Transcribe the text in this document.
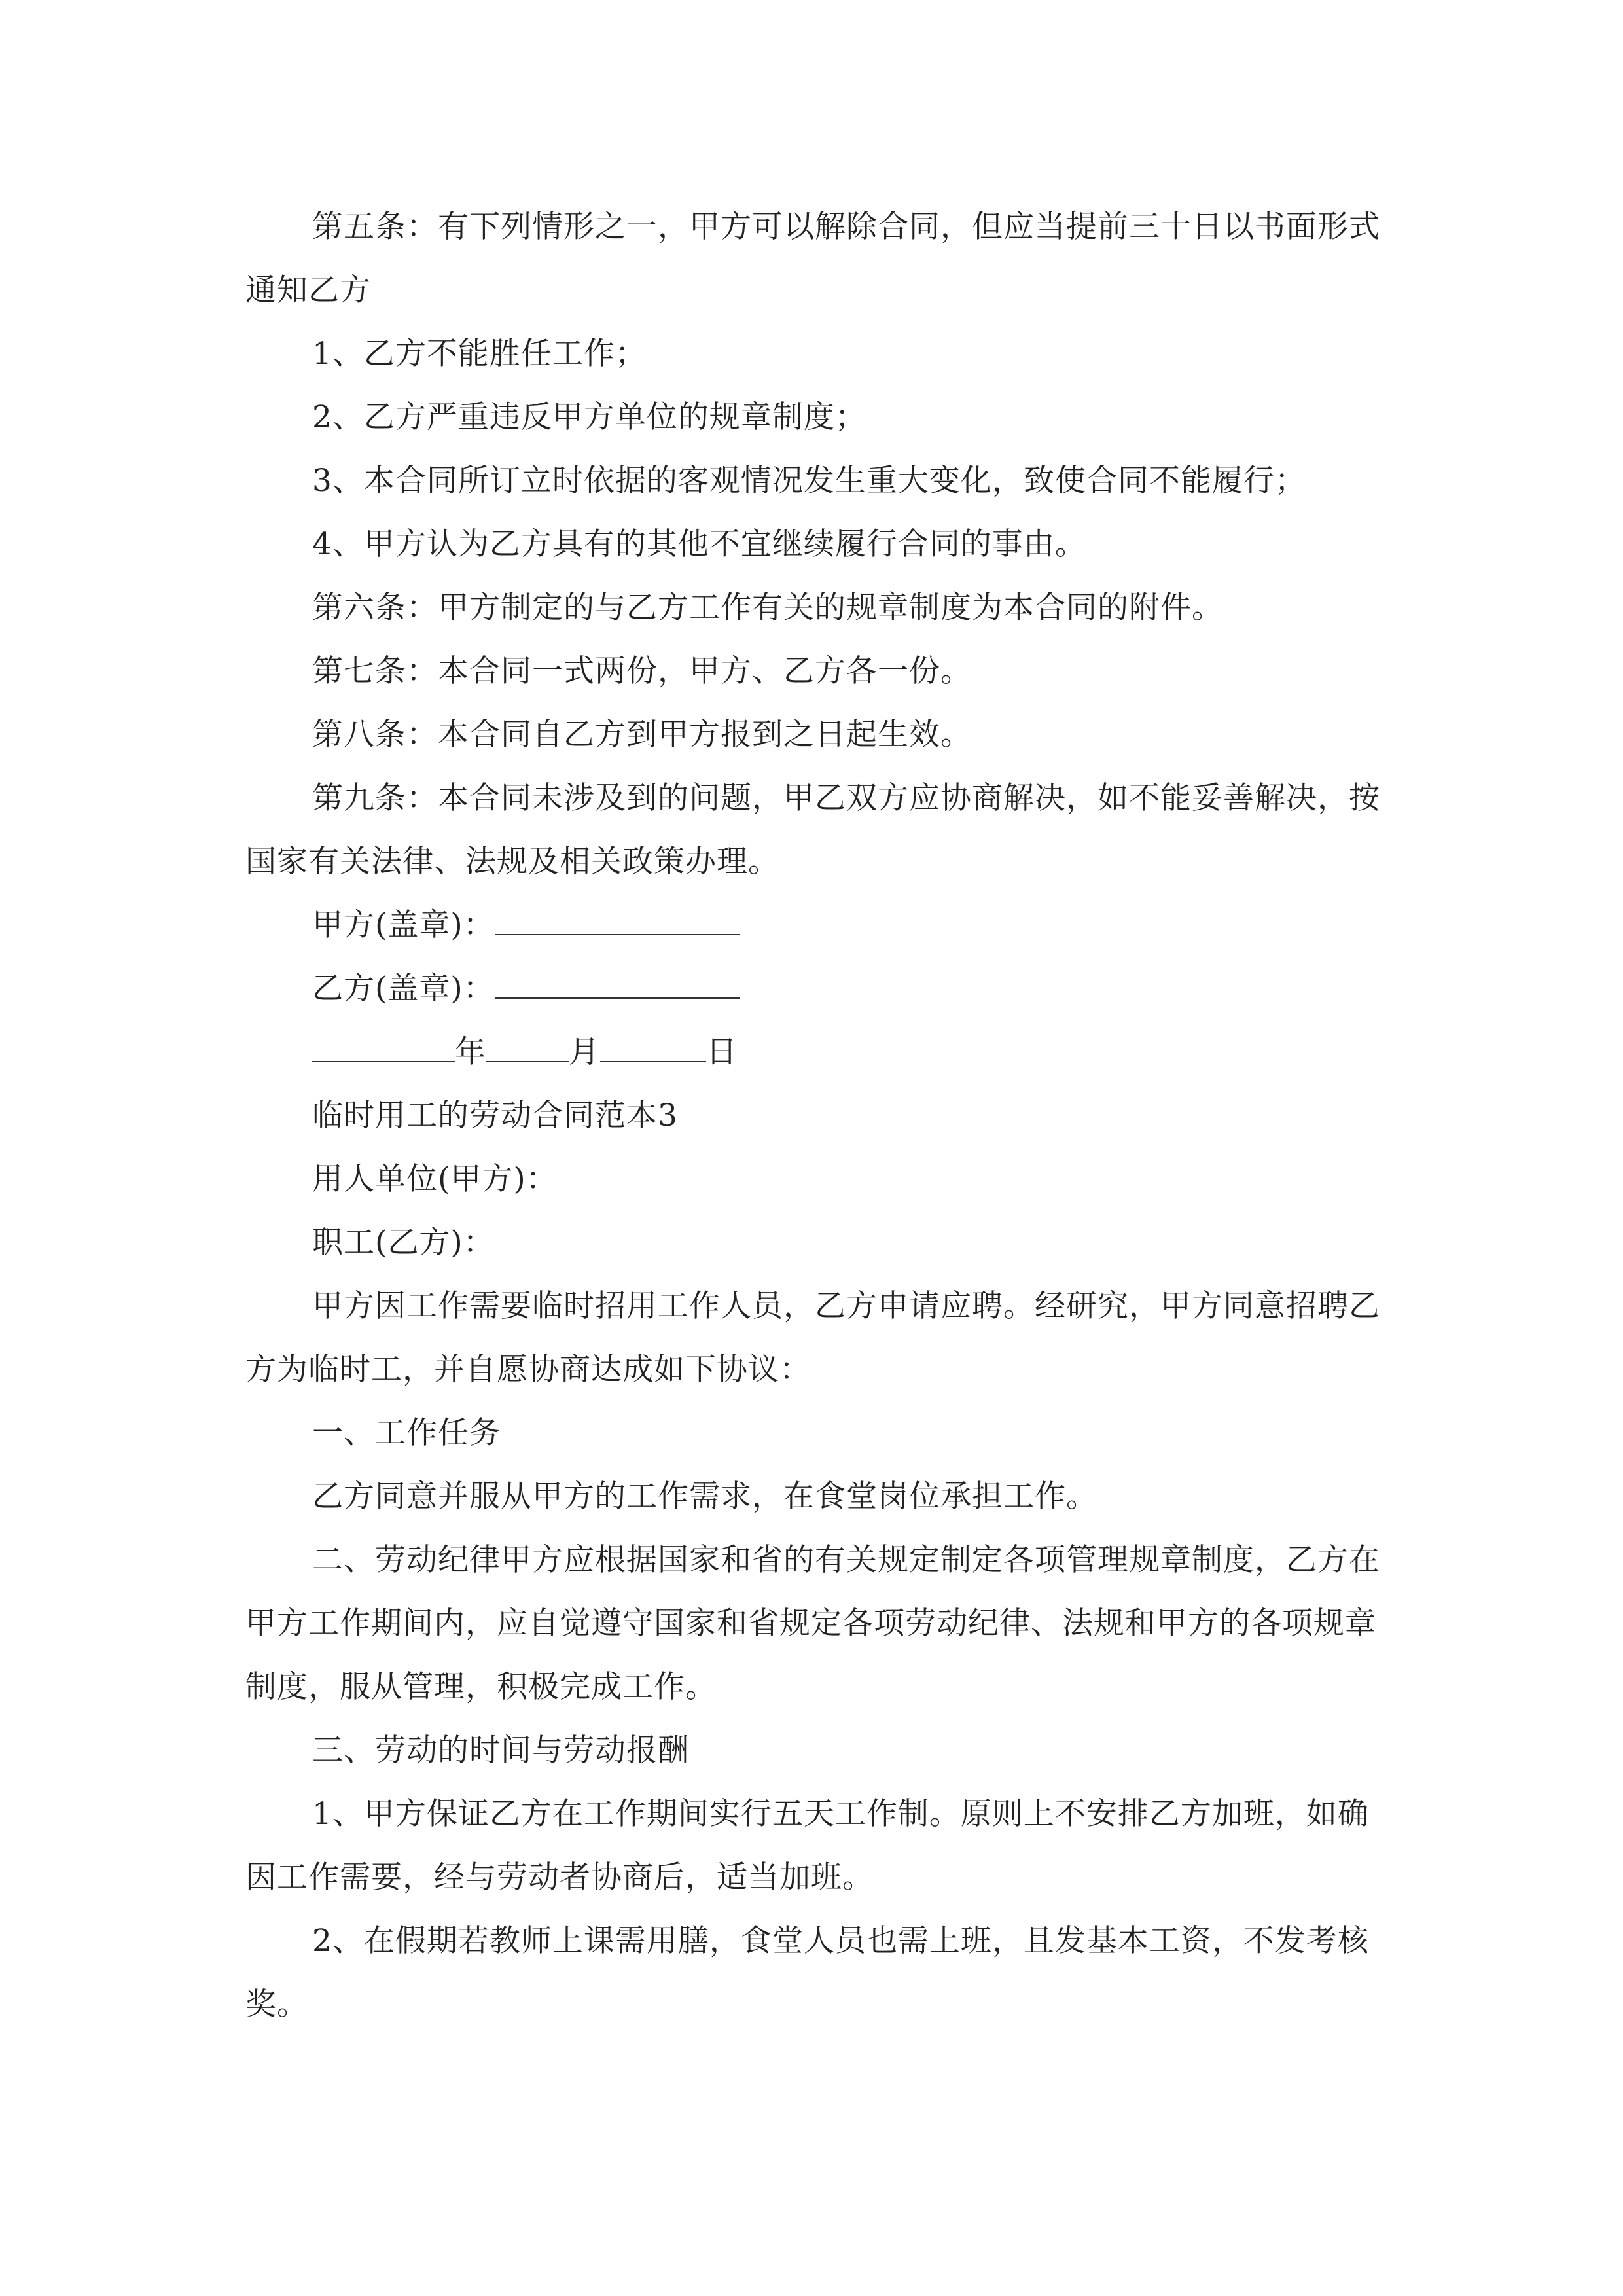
第五条：有下列情形之一，甲方可以解除合同，但应当提前三十日以书面形式通知乙方

1、乙方不能胜任工作；

2、乙方严重违反甲方单位的规章制度；

3、本合同所订立时依据的客观情况发生重大变化，致使合同不能履行；

4、甲方认为乙方具有的其他不宜继续履行合同的事由。

第六条：甲方制定的与乙方工作有关的规章制度为本合同的附件。

第七条：本合同一式两份，甲方、乙方各一份。

第八条：本合同自乙方到甲方报到之日起生效。

第九条：本合同未涉及到的问题，甲乙双方应协商解决，如不能妥善解决，按国家有关法律、法规及相关政策办理。

甲方(盖章)：

乙方(盖章)：

年	月	日

临时用工的劳动合同范本3

用人单位(甲方)：

职工(乙方)：

甲方因工作需要临时招用工作人员，乙方申请应聘。经研究，甲方同意招聘乙方为临时工，并自愿协商达成如下协议：

一、工作任务

乙方同意并服从甲方的工作需求，在食堂岗位承担工作。

二、劳动纪律甲方应根据国家和省的有关规定制定各项管理规章制度，乙方在甲方工作期间内，应自觉遵守国家和省规定各项劳动纪律、法规和甲方的各项规章制度，服从管理，积极完成工作。

三、劳动的时间与劳动报酬

1、甲方保证乙方在工作期间实行五天工作制。原则上不安排乙方加班，如确因工作需要，经与劳动者协商后，适当加班。

2、在假期若教师上课需用膳，食堂人员也需上班，且发基本工资，不发考核奖。
